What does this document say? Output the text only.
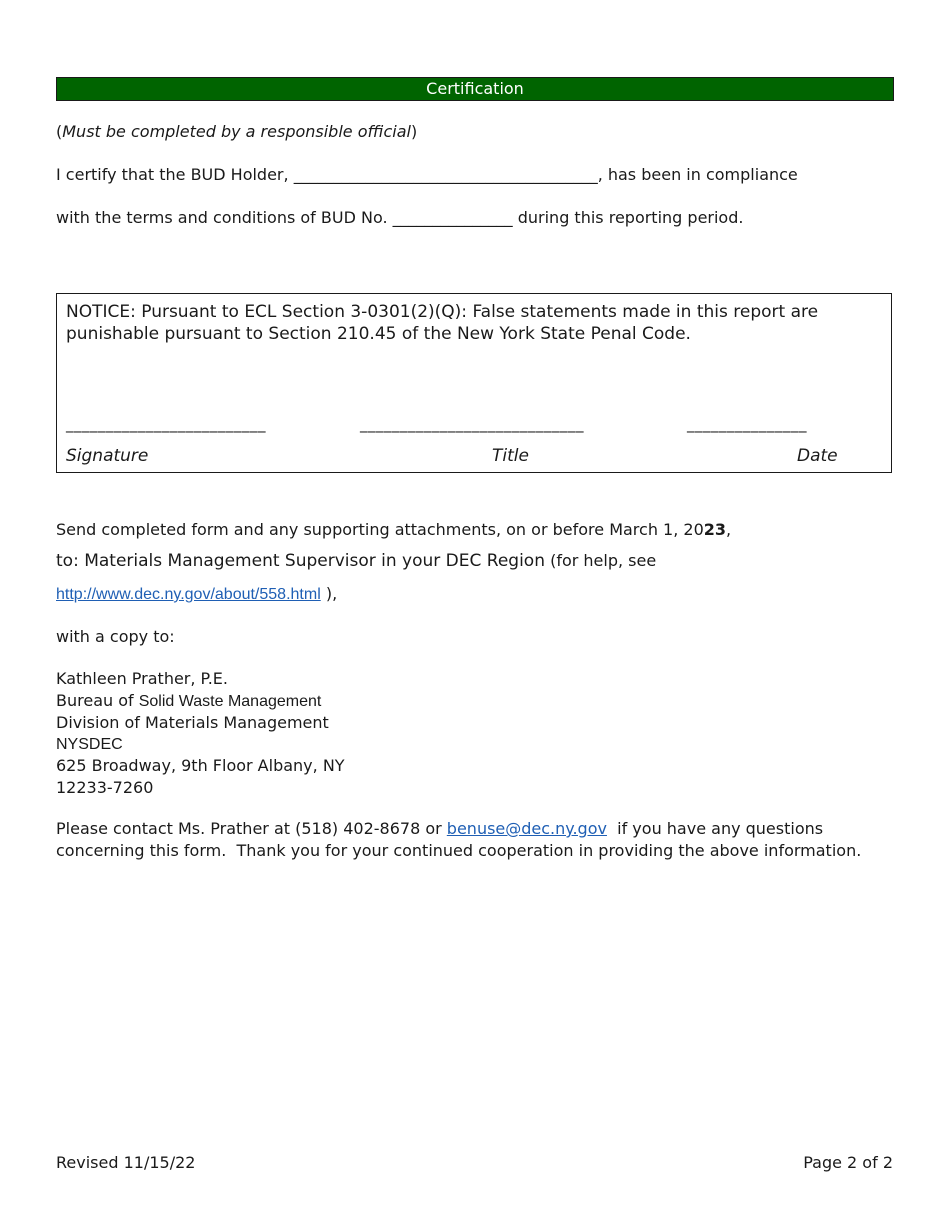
Certification
(Must be completed by a responsible official)
I certify that the BUD Holder, ______________________________________, has been in compliance
with the terms and conditions of BUD No. _______________ during this reporting period.
NOTICE: Pursuant to ECL Section 3-0301(2)(Q): False statements made in this report are punishable pursuant to Section 210.45 of the New York State Penal Code.
_________________________	____________________________	_______________
Signature	Title	Date
Send completed form and any supporting attachments, on or before March 1, 2023,
to: Materials Management Supervisor in your DEC Region (for help, see
http://www.dec.ny.gov/about/558.html ),
with a copy to:
Kathleen Prather, P.E.
Bureau of Solid Waste Management
Division of Materials Management
NYSDEC
625 Broadway, 9th Floor Albany, NY
12233-7260
Please contact Ms. Prather at (518) 402-8678 or benuse@dec.ny.gov  if you have any questions
concerning this form.  Thank you for your continued cooperation in providing the above information.
Revised 11/15/22	Page 2 of 2
